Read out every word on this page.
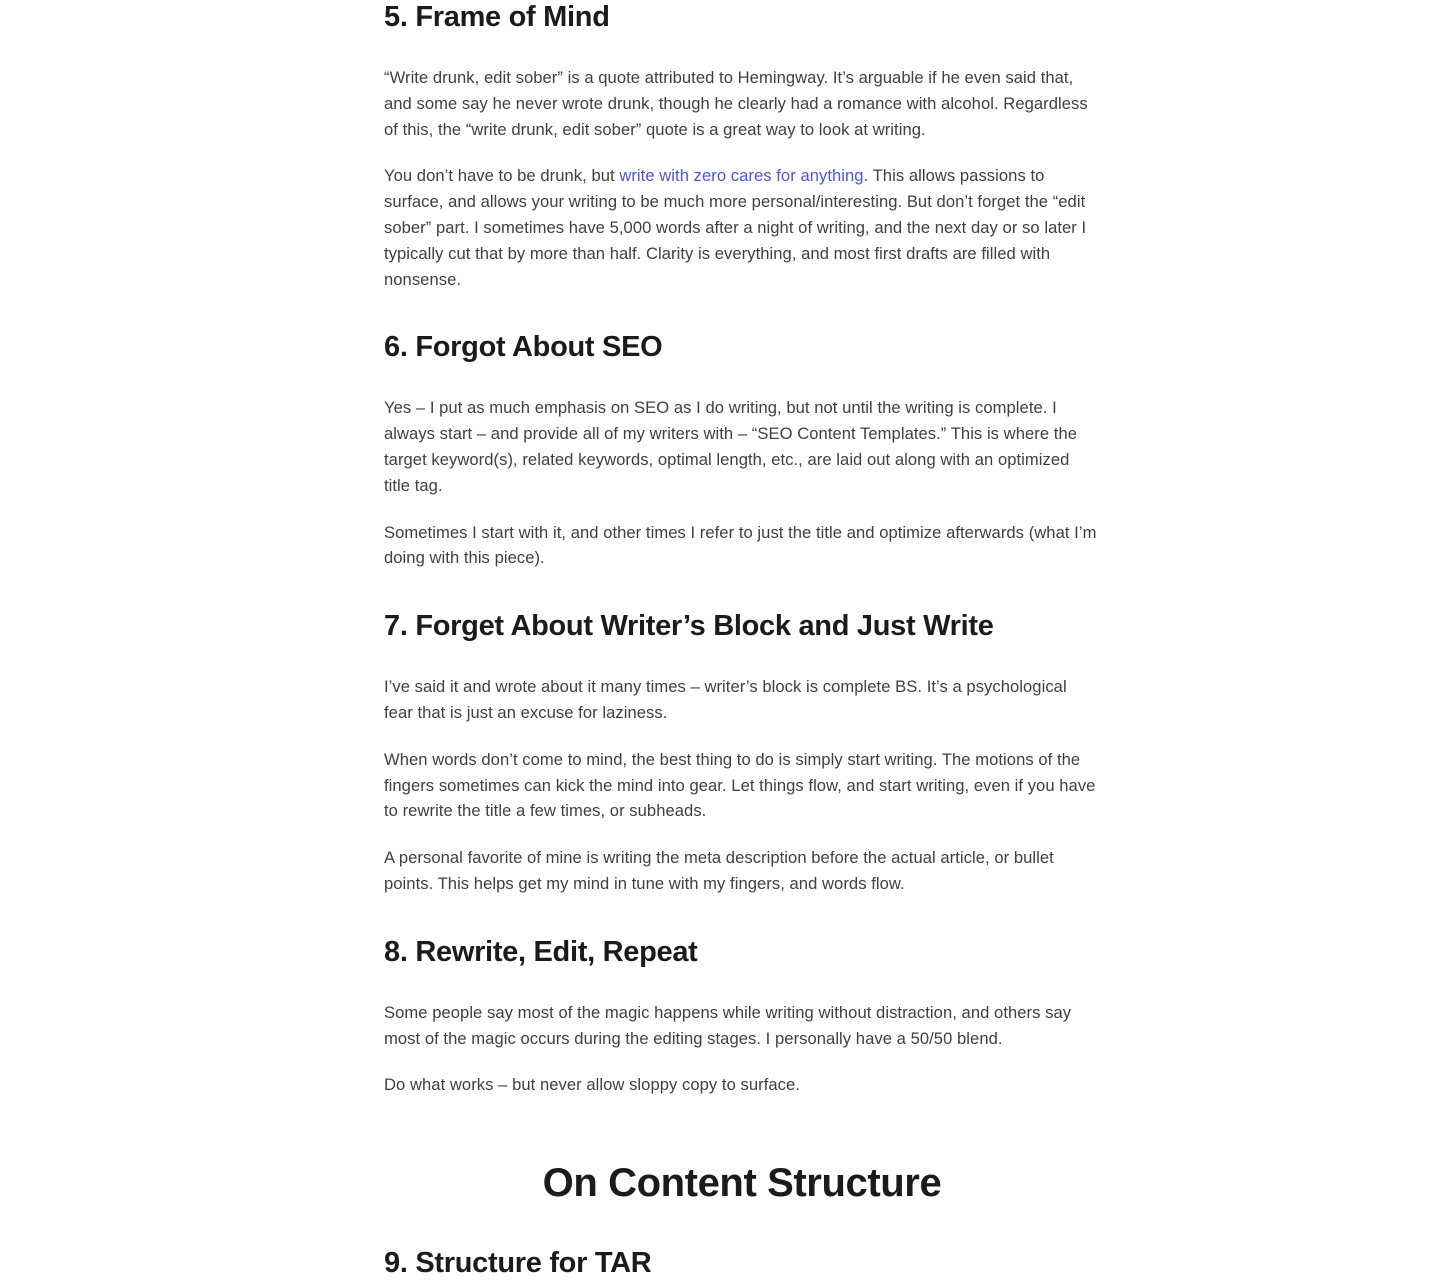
5. Frame of Mind

“Write drunk, edit sober” is a quote attributed to Hemingway. It’s arguable if he even said that, and some say he never wrote drunk, though he clearly had a romance with alcohol. Regardless of this, the “write drunk, edit sober” quote is a great way to look at writing.

You don’t have to be drunk, but write with zero cares for anything. This allows passions to surface, and allows your writing to be much more personal/interesting. But don’t forget the “edit sober” part. I sometimes have 5,000 words after a night of writing, and the next day or so later I typically cut that by more than half. Clarity is everything, and most first drafts are filled with nonsense.

6. Forgot About SEO

Yes – I put as much emphasis on SEO as I do writing, but not until the writing is complete. I always start – and provide all of my writers with – “SEO Content Templates.” This is where the target keyword(s), related keywords, optimal length, etc., are laid out along with an optimized title tag.

Sometimes I start with it, and other times I refer to just the title and optimize afterwards (what I’m doing with this piece).

7. Forget About Writer’s Block and Just Write

I’ve said it and wrote about it many times – writer’s block is complete BS. It’s a psychological fear that is just an excuse for laziness.

When words don’t come to mind, the best thing to do is simply start writing. The motions of the fingers sometimes can kick the mind into gear. Let things flow, and start writing, even if you have to rewrite the title a few times, or subheads.

A personal favorite of mine is writing the meta description before the actual article, or bullet points. This helps get my mind in tune with my fingers, and words flow.

8. Rewrite, Edit, Repeat

Some people say most of the magic happens while writing without distraction, and others say most of the magic occurs during the editing stages. I personally have a 50/50 blend.

Do what works – but never allow sloppy copy to surface.

On Content Structure
9. Structure for TAR
